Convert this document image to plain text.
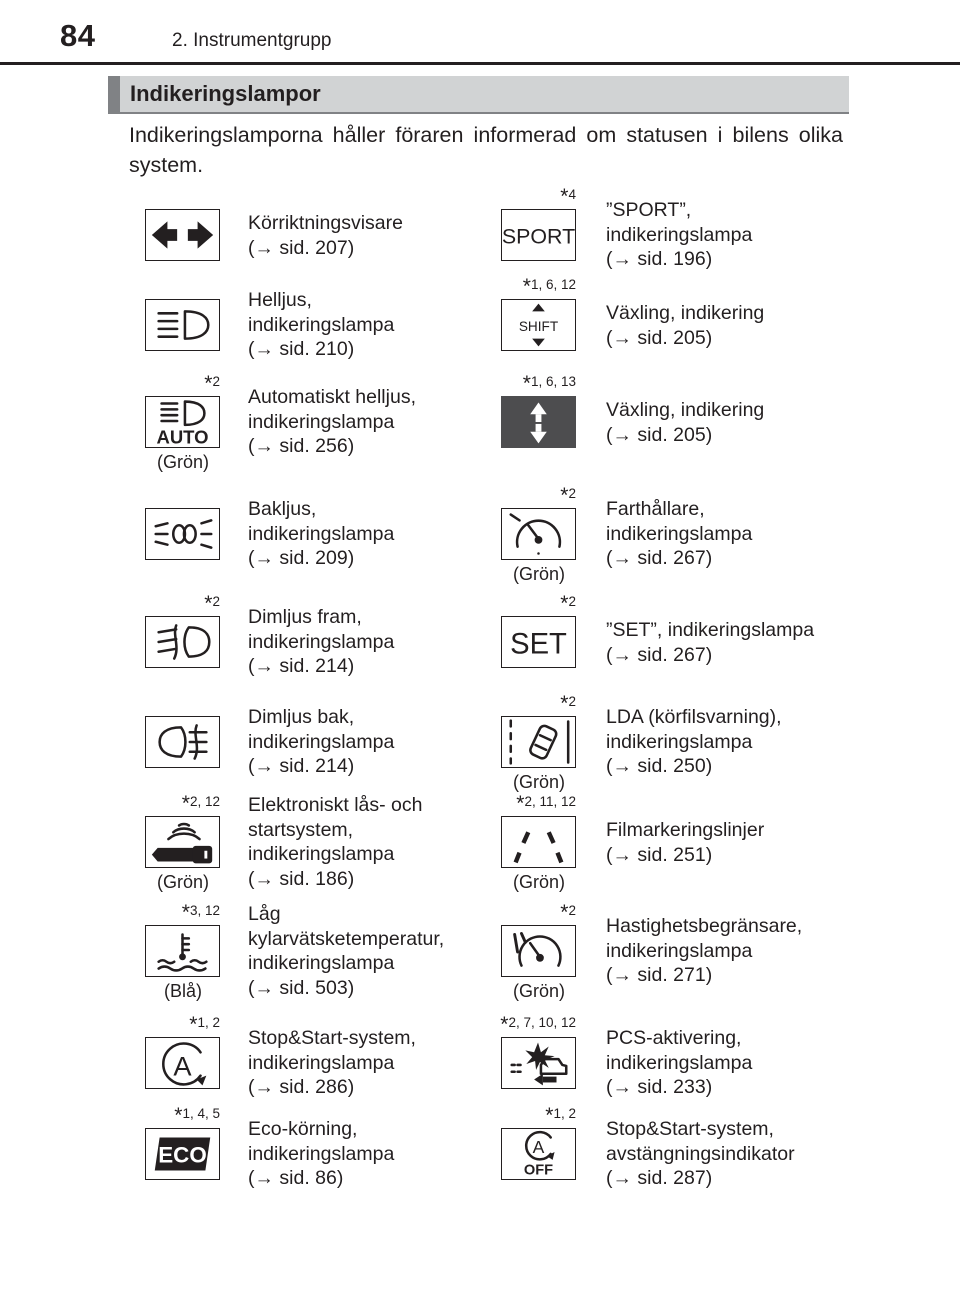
84	2. Instrumentgrupp
Indikeringslampor
Indikeringslamporna håller föraren informerad om statusen i bilens olika system.
Körriktningsvisare
(→ sid. 207)
*4
SPORT
”SPORT”,
indikeringslampa
(→ sid. 196)
Helljus,
indikeringslampa
(→ sid. 210)
*1, 6, 12
SHIFT
Växling, indikering
(→ sid. 205)
*2
AUTO
(Grön)
Automatiskt helljus,
indikeringslampa
(→ sid. 256)
*1, 6, 13
Växling, indikering
(→ sid. 205)
Bakljus,
indikeringslampa
(→ sid. 209)
*2
(Grön)
Farthållare,
indikeringslampa
(→ sid. 267)
*2
Dimljus fram,
indikeringslampa
(→ sid. 214)
*2
SET ”SET”, indikeringslampa
(→ sid. 267)
Dimljus bak,
indikeringslampa
(→ sid. 214)
*2
(Grön)
LDA (körfilsvarning),
indikeringslampa
(→ sid. 250)
*2, 12
(Grön)
Elektroniskt lås- och
startsystem,
indikeringslampa
(→ sid. 186)
*2, 11, 12
(Grön)
Filmarkeringslinjer
(→ sid. 251)
*3, 12
(Blå)
Låg
kylarvätsketemperatur,
indikeringslampa
(→ sid. 503)
*2
(Grön)
Hastighetsbegränsare,
indikeringslampa
(→ sid. 271)
*1, 2
A
Stop&Start-system,
indikeringslampa
(→ sid. 286)
*2, 7, 10, 12
PCS-aktivering,
indikeringslampa
(→ sid. 233)
*1, 4, 5
ECO
Eco-körning,
indikeringslampa
(→ sid. 86)
*1, 2
A
OFF
Stop&Start-system,
avstängningsindikator
(→ sid. 287)
